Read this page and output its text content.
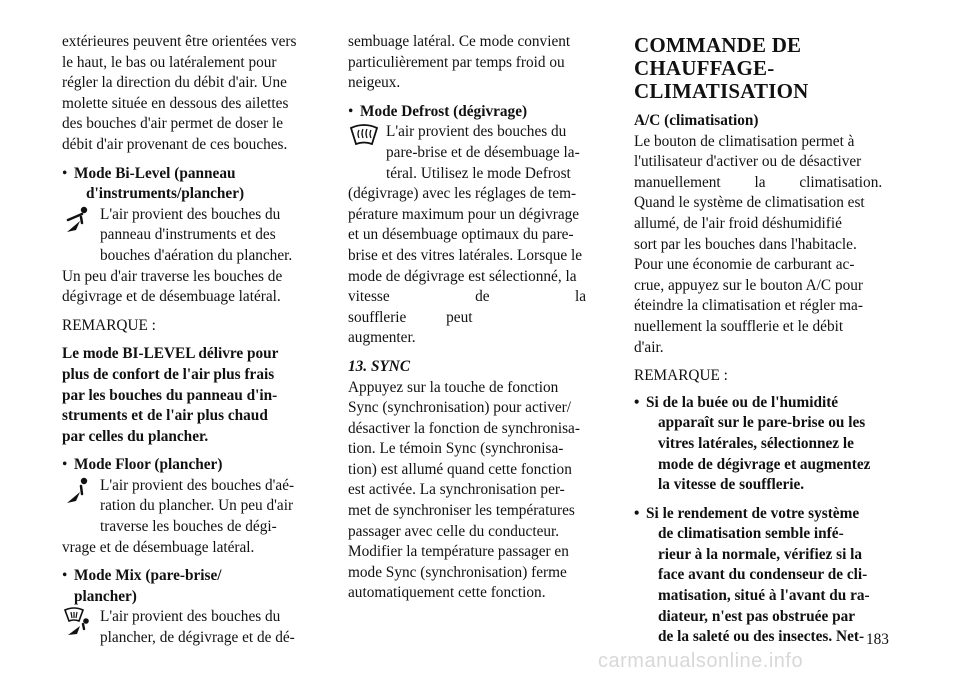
extérieures peuvent être orientées vers

le haut, le bas ou latéralement pour

régler la direction du débit d'air. Une

molette située en dessous des ailettes

des bouches d'air permet de doser le

débit d'air provenant de ces bouches.

• Mode Bi-Level (panneau

d'instruments/plancher)

L'air provient des bouches du

panneau d'instruments et des

bouches d'aération du plancher.

Un peu d'air traverse les bouches de

dégivrage et de désembuage latéral.

REMARQUE :

Le mode BI-LEVEL délivre pour

plus de confort de l'air plus frais

par les bouches du panneau d'in-

struments et de l'air plus chaud

par celles du plancher.

• Mode Floor (plancher)

L'air provient des bouches d'aé-

ration du plancher. Un peu d'air

traverse les bouches de dégi-

vrage et de désembuage latéral.

• Mode Mix (pare-brise/

plancher)

L'air provient des bouches du

plancher, de dégivrage et de dé-

sembuage latéral. Ce mode convient

particulièrement par temps froid ou

neigeux.

• Mode Defrost (dégivrage)

L'air provient des bouches du

pare-brise et de désembuage la-

téral. Utilisez le mode Defrost

(dégivrage) avec les réglages de tem-

pérature maximum pour un dégivrage

et un désembuage optimaux du pare-

brise et des vitres latérales. Lorsque le

mode de dégivrage est sélectionné, la

vitesse de la soufflerie peut

augmenter.

13. SYNC

Appuyez sur la touche de fonction

Sync (synchronisation) pour activer/

désactiver la fonction de synchronisa-

tion. Le témoin Sync (synchronisa-

tion) est allumé quand cette fonction

est activée. La synchronisation per-

met de synchroniser les températures

passager avec celle du conducteur.

Modifier la température passager en

mode Sync (synchronisation) ferme

automatiquement cette fonction.

COMMANDE DE

CHAUFFAGE-

CLIMATISATION

A/C (climatisation)

Le bouton de climatisation permet à

l'utilisateur d'activer ou de désactiver

manuellement la climatisation.

Quand le système de climatisation est

allumé, de l'air froid déshumidifié

sort par les bouches dans l'habitacle.

Pour une économie de carburant ac-

crue, appuyez sur le bouton A/C pour

éteindre la climatisation et régler ma-

nuellement la soufflerie et le débit

d'air.

REMARQUE :

• Si de la buée ou de l'humidité

apparaît sur le pare-brise ou les

vitres latérales, sélectionnez le

mode de dégivrage et augmentez

la vitesse de soufflerie.

• Si le rendement de votre système

de climatisation semble infé-

rieur à la normale, vérifiez si la

face avant du condenseur de cli-

matisation, situé à l'avant du ra-

diateur, n'est pas obstruée par

de la saleté ou des insectes. Net- 183
carmanualsonline.info
